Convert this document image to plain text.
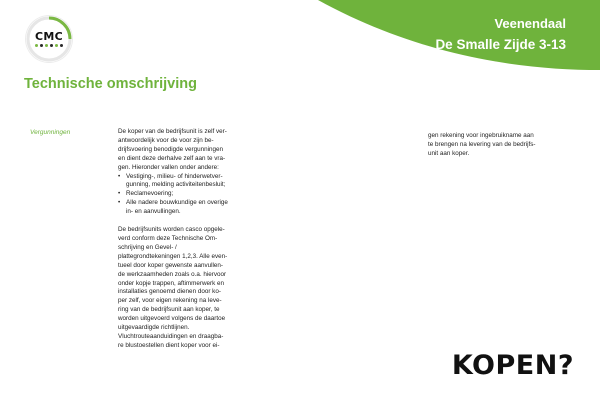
CMC
Veenendaal
De Smalle Zijde 3-13
Technische omschrijving
Vergunningen	De koper van de bedrijfsunit is zelf ver-

antwoordelijk voor de voor zijn be-

drijfsvoering benodigde vergunningen

en dient deze derhalve zelf aan te vra-

gen. Hieronder vallen onder andere:

• Vestiging-, milieu- of hinderwetver-

gunning, melding activiteitenbesluit;

• Reclamevoering;

• Alle nadere bouwkundige en overige

in- en aanvullingen.

De bedrijfsunits worden casco opgele-

verd conform deze Technische Om-

schrijving en Gevel- /

plattegrondtekeningen 1,2,3. Alle even-

tueel door koper gewenste aanvullen-

de werkzaamheden zoals o.a. hiervoor

onder kopje trappen, aftimmerwerk en

installaties genoemd dienen door ko-

per zelf, voor eigen rekening na leve-

ring van de bedrijfsunit aan koper, te

worden uitgevoerd volgens de daartoe

uitgevaardigde richtlijnen.

Vluchtrouteaanduidingen en draagba-

re blustoestellen dient koper voor ei-

gen rekening voor ingebruikname aan

te brengen na levering van de bedrijfs-

unit aan koper.

KOPEN?
